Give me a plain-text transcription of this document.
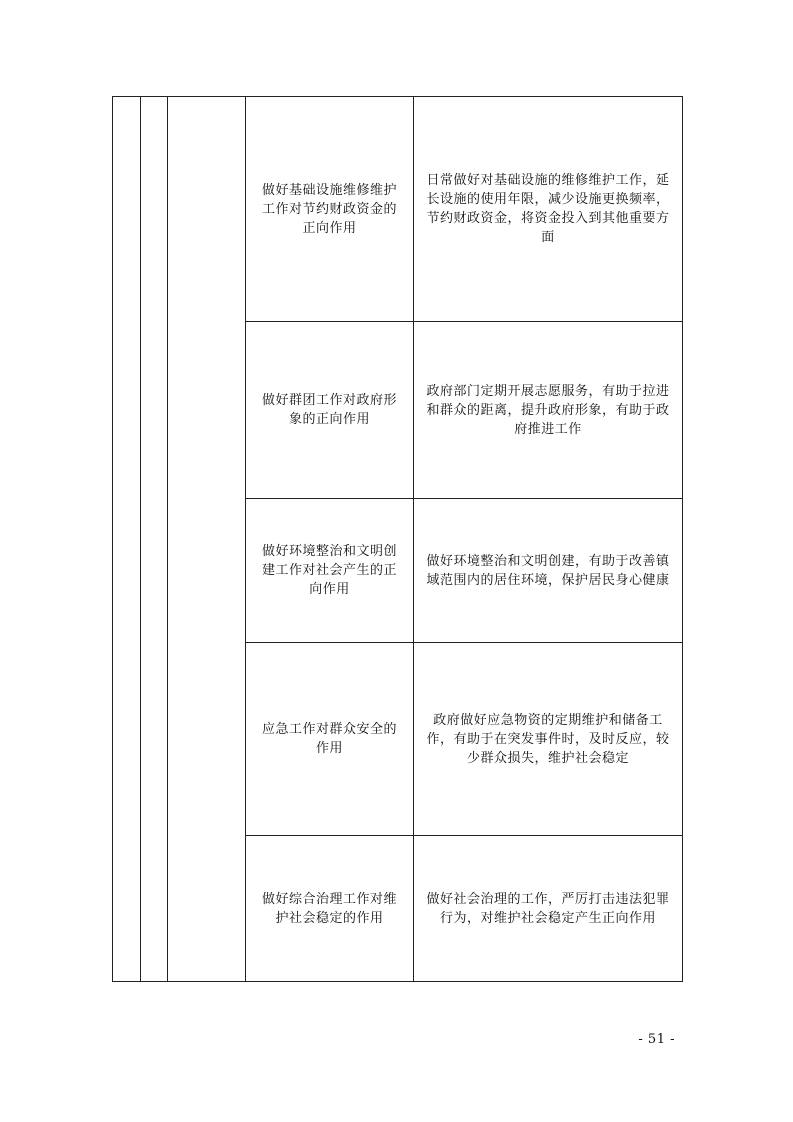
			做好基础设施维修维护工作对节约财政资金的正向作用	日常做好对基础设施的维修维护工作，延长设施的使用年限，减少设施更换频率，节约财政资金，将资金投入到其他重要方面

			做好群团工作对政府形象的正向作用	政府部门定期开展志愿服务，有助于拉进和群众的距离，提升政府形象，有助于政府推进工作

			做好环境整治和文明创建工作对社会产生的正向作用	做好环境整治和文明创建，有助于改善镇域范围内的居住环境，保护居民身心健康

			应急工作对群众安全的作用	政府做好应急物资的定期维护和储备工作，有助于在突发事件时，及时反应，较少群众损失，维护社会稳定

			做好综合治理工作对维护社会稳定的作用	做好社会治理的工作，严厉打击违法犯罪行为，对维护社会稳定产生正向作用
- 51 -
